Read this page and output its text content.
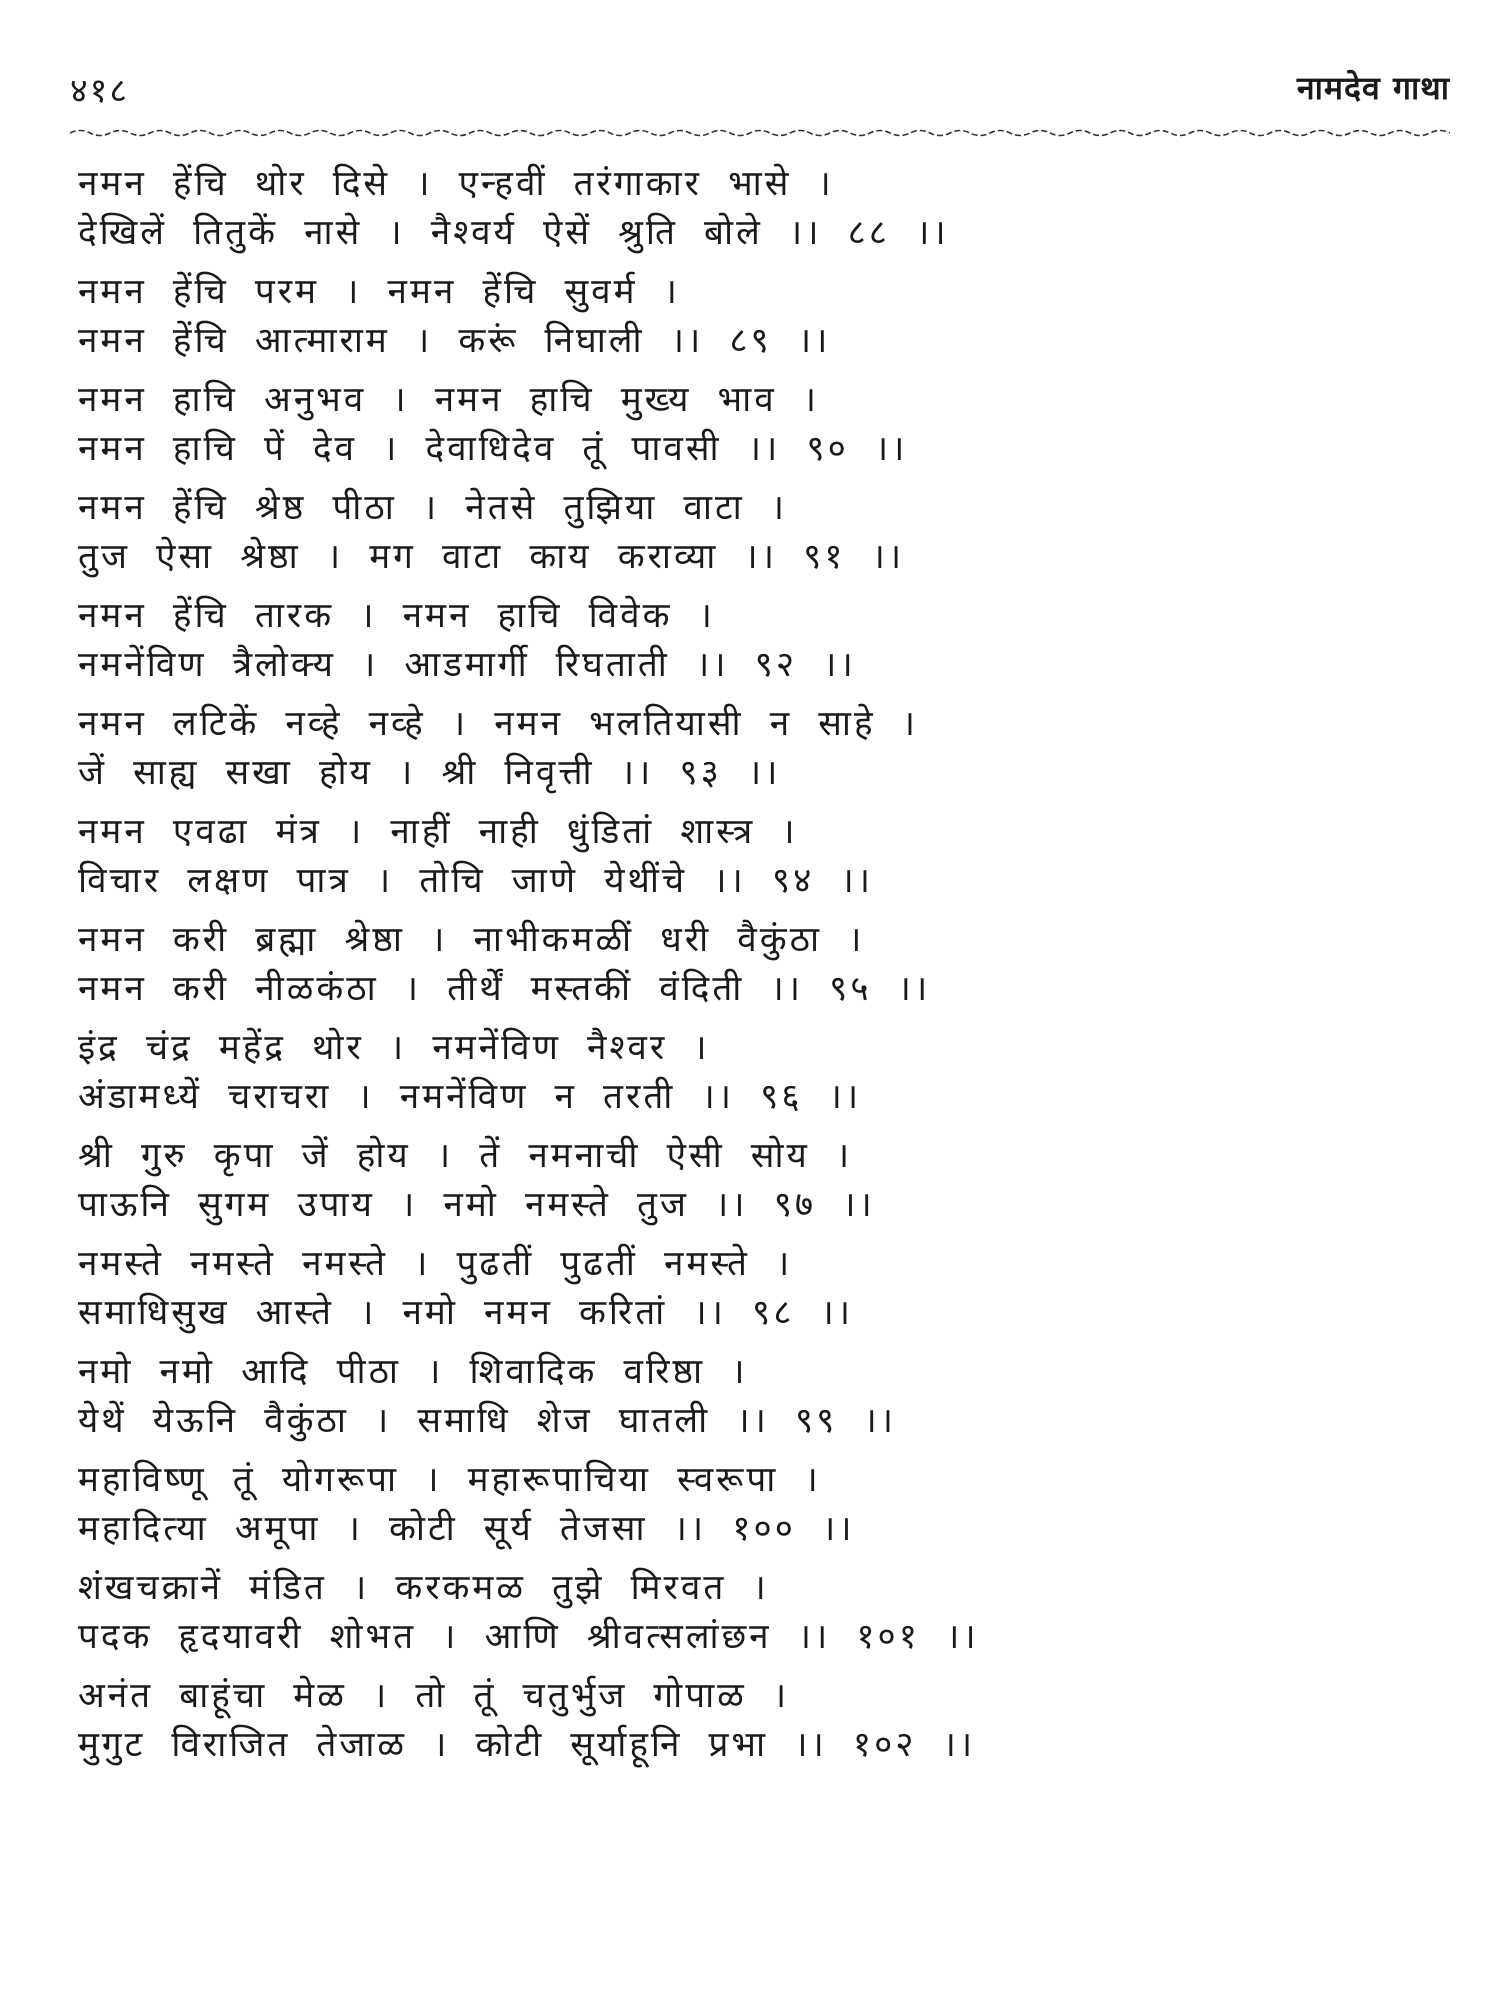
४१८	नामदेव गाथा
नमन हेंचि थोर दिसे । एन्हवीं तरंगाकार भासे ।
देखिलें तितुकें नासे । नैश्वर्य ऐसें श्रुति बोले ।। ८८ ।।
नमन हेंचि परम । नमन हेंचि सुवर्म ।
नमन हेंचि आत्माराम । करूं निघाली ।। ८९ ।।
नमन हाचि अनुभव । नमन हाचि मुख्य भाव ।
नमन हाचि पें देव । देवाधिदेव तूं पावसी ।। ९० ।।
नमन हेंचि श्रेष्ठ पीठा । नेतसे तुझिया वाटा ।
तुज ऐसा श्रेष्ठा । मग वाटा काय कराव्या ।। ९१ ।।
नमन हेंचि तारक । नमन हाचि विवेक ।
नमनेंविण त्रैलोक्य । आडमार्गी रिघताती ।। ९२ ।।
नमन लटिकें नव्हे नव्हे । नमन भलतियासी न साहे ।
जें साह्य सखा होय । श्री निवृत्ती ।। ९३ ।।
नमन एवढा मंत्र । नाहीं नाही धुंडितां शास्त्र ।
विचार लक्षण पात्र । तोचि जाणे येथींचे ।। ९४ ।।
नमन करी ब्रह्मा श्रेष्ठा । नाभीकमळीं धरी वैकुंठा ।
नमन करी नीळकंठा । तीर्थें मस्तकीं वंदिती ।। ९५ ।।
इंद्र चंद्र महेंद्र थोर । नमनेंविण नैश्वर ।
अंडामध्यें चराचरा । नमनेंविण न तरती ।। ९६ ।।
श्री गुरु कृपा जें होय । तें नमनाची ऐसी सोय ।
पाऊनि सुगम उपाय । नमो नमस्ते तुज ।। ९७ ।।
नमस्ते नमस्ते नमस्ते । पुढतीं पुढतीं नमस्ते ।
समाधिसुख आस्ते । नमो नमन करितां ।। ९८ ।।
नमो नमो आदि पीठा । शिवादिक वरिष्ठा ।
येथें येऊनि वैकुंठा । समाधि शेज घातली ।। ९९ ।।
महाविष्णू तूं योगरूपा । महारूपाचिया स्वरूपा ।
महादित्या अमूपा । कोटी सूर्य तेजसा ।। १०० ।।
शंखचक्रानें मंडित । करकमळ तुझे मिरवत ।
पदक हृदयावरी शोभत । आणि श्रीवत्सलांछन ।। १०१ ।।
अनंत बाहूंचा मेळ । तो तूं चतुर्भुज गोपाळ ।
मुगुट विराजित तेजाळ । कोटी सूर्याहूनि प्रभा ।। १०२ ।।
